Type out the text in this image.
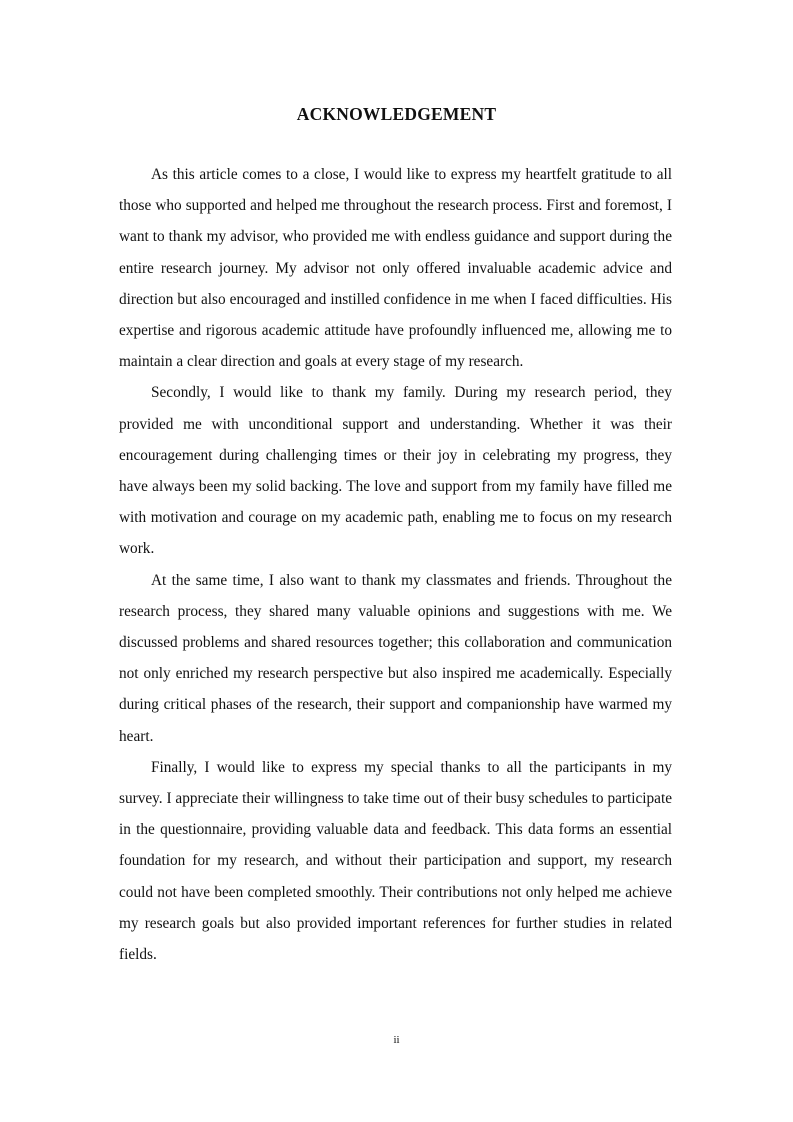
ACKNOWLEDGEMENT

As this article comes to a close, I would like to express my heartfelt gratitude to all those who supported and helped me throughout the research process. First and foremost, I want to thank my advisor, who provided me with endless guidance and support during the entire research journey. My advisor not only offered invaluable academic advice and direction but also encouraged and instilled confidence in me when I faced difficulties. His expertise and rigorous academic attitude have profoundly influenced me, allowing me to maintain a clear direction and goals at every stage of my research.

Secondly, I would like to thank my family. During my research period, they provided me with unconditional support and understanding. Whether it was their encouragement during challenging times or their joy in celebrating my progress, they have always been my solid backing. The love and support from my family have filled me with motivation and courage on my academic path, enabling me to focus on my research work.

At the same time, I also want to thank my classmates and friends. Throughout the research process, they shared many valuable opinions and suggestions with me. We discussed problems and shared resources together; this collaboration and communication not only enriched my research perspective but also inspired me academically. Especially during critical phases of the research, their support and companionship have warmed my heart.

Finally, I would like to express my special thanks to all the participants in my survey. I appreciate their willingness to take time out of their busy schedules to participate in the questionnaire, providing valuable data and feedback. This data forms an essential foundation for my research, and without their participation and support, my research could not have been completed smoothly. Their contributions not only helped me achieve my research goals but also provided important references for further studies in related fields.

ii
